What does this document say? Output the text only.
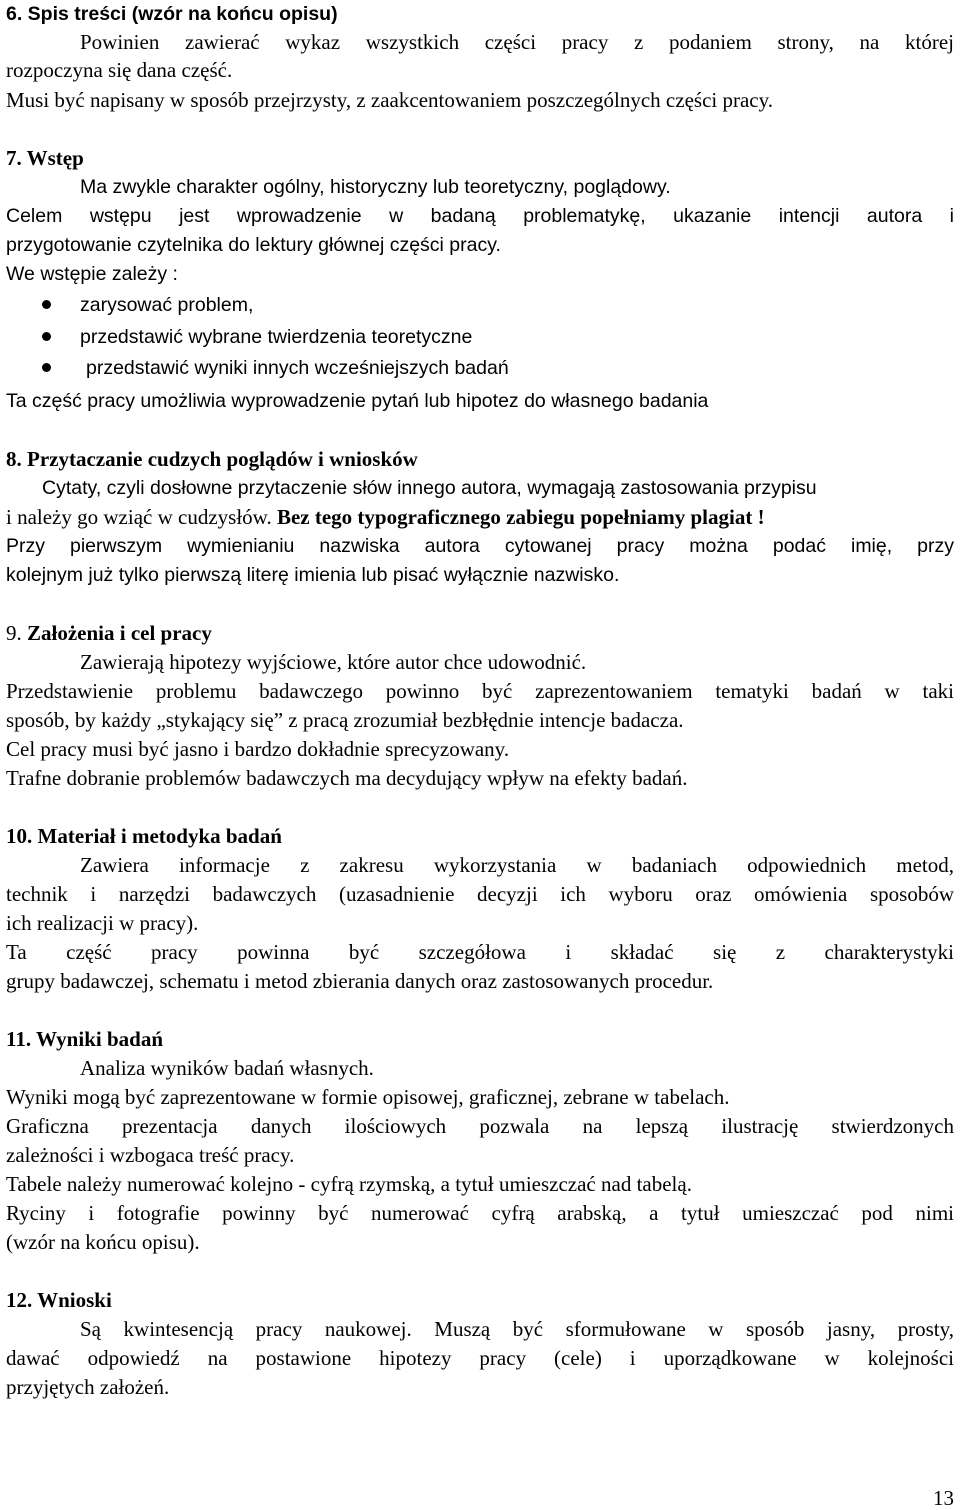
6. Spis treści (wzór na końcu opisu)
Powinien zawierać wykaz wszystkich części pracy z podaniem strony, na której
rozpoczyna się dana część.
Musi być napisany w sposób przejrzysty, z zaakcentowaniem poszczególnych części pracy.
7. Wstęp
Ma zwykle charakter ogólny, historyczny lub teoretyczny, poglądowy.
Celem wstępu jest wprowadzenie w badaną problematykę, ukazanie intencji autora i
przygotowanie czytelnika do lektury głównej części pracy.
We wstępie zależy :
zarysować problem,
przedstawić wybrane twierdzenia teoretyczne
przedstawić wyniki innych wcześniejszych badań
Ta część pracy umożliwia wyprowadzenie pytań lub hipotez do własnego badania
8. Przytaczanie cudzych poglądów i wniosków
Cytaty, czyli dosłowne przytaczenie słów innego autora, wymagają zastosowania przypisu
i należy go wziąć w cudzysłów. Bez tego typograficznego zabiegu popełniamy plagiat !
Przy pierwszym wymienianiu nazwiska autora cytowanej pracy można podać imię, przy
kolejnym już tylko pierwszą literę imienia lub pisać wyłącznie nazwisko.
9. Założenia i cel pracy
Zawierają hipotezy wyjściowe, które autor chce udowodnić.
Przedstawienie problemu badawczego powinno być zaprezentowaniem tematyki badań w taki
sposób, by każdy „stykający się” z pracą zrozumiał bezbłędnie intencje badacza.
Cel pracy musi być jasno i bardzo dokładnie sprecyzowany.
Trafne dobranie problemów badawczych ma decydujący wpływ na efekty badań.
10. Materiał i metodyka badań
Zawiera informacje z zakresu wykorzystania w badaniach odpowiednich metod,
technik i narzędzi badawczych (uzasadnienie decyzji ich wyboru oraz omówienia sposobów
ich realizacji w pracy).
Ta część pracy powinna być szczegółowa i składać się z charakterystyki
grupy badawczej, schematu i metod zbierania danych oraz zastosowanych procedur.
11. Wyniki badań
Analiza wyników badań własnych.
Wyniki mogą być zaprezentowane w formie opisowej, graficznej, zebrane w tabelach.
Graficzna prezentacja danych ilościowych pozwala na lepszą ilustrację stwierdzonych
zależności i wzbogaca treść pracy.
Tabele należy numerować kolejno - cyfrą rzymską, a tytuł umieszczać nad tabelą.
Ryciny i fotografie powinny być numerować cyfrą arabską, a tytuł umieszczać pod nimi
(wzór na końcu opisu).
12. Wnioski
Są kwintesencją pracy naukowej. Muszą być sformułowane w sposób jasny, prosty,
dawać odpowiedź na postawione hipotezy pracy (cele) i uporządkowane w kolejności
przyjętych założeń.
13
